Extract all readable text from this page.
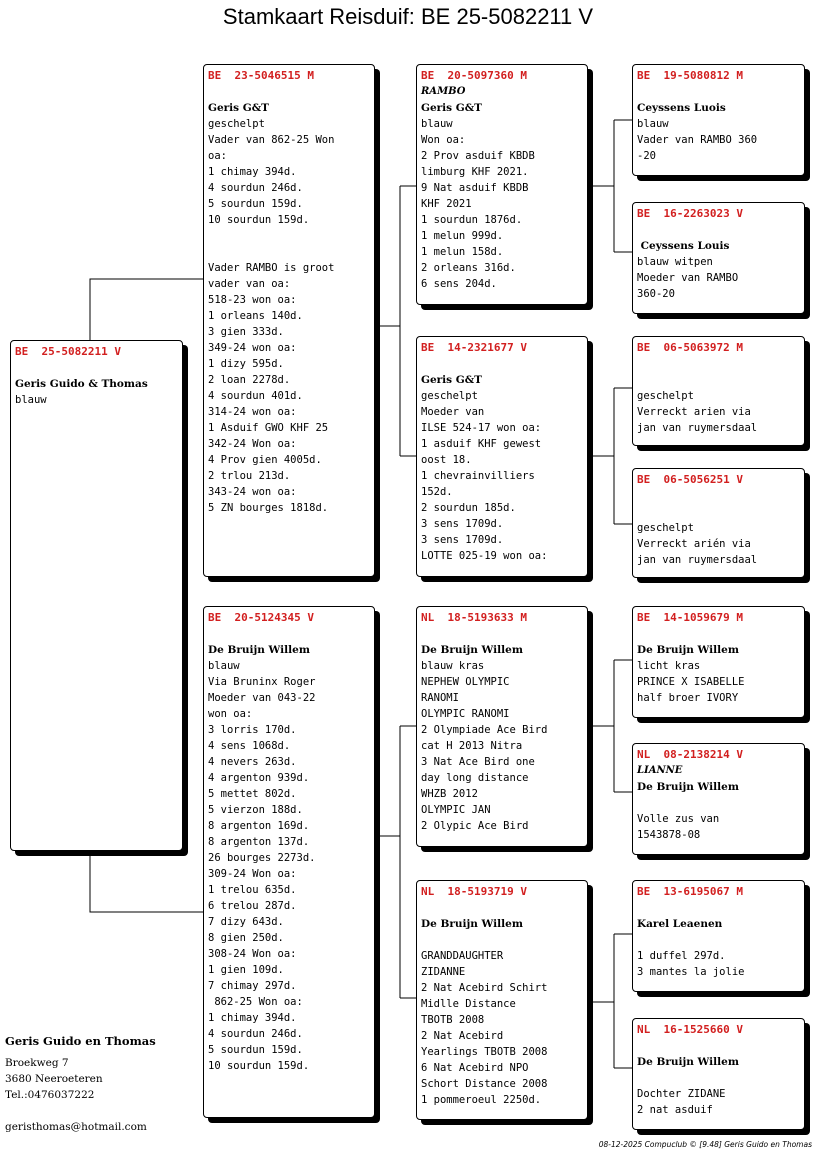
Stamkaart Reisduif: BE 25-5082211 V
BE  25-5082211 V
Geris Guido & Thomas
blauw
BE  23-5046515 M
Geris G&T
geschelpt
Vader van 862-25 Won
oa:
1 chimay 394d.
4 sourdun 246d.
5 sourdun 159d.
10 sourdun 159d.
Vader RAMBO is groot
vader van oa:
518-23 won oa:
1 orleans 140d.
3 gien 333d.
349-24 won oa:
1 dizy 595d.
2 loan 2278d.
4 sourdun 401d.
314-24 won oa:
1 Asduif GWO KHF 25
342-24 Won oa:
4 Prov gien 4005d.
2 trlou 213d.
343-24 won oa:
5 ZN bourges 1818d.
BE  20-5124345 V
De Bruijn Willem
blauw
Via Bruninx Roger
Moeder van 043-22
won oa:
3 lorris 170d.
4 sens 1068d.
4 nevers 263d.
4 argenton 939d.
5 mettet 802d.
5 vierzon 188d.
8 argenton 169d.
8 argenton 137d.
26 bourges 2273d.
309-24 Won oa:
1 trelou 635d.
6 trelou 287d.
7 dizy 643d.
8 gien 250d.
308-24 Won oa:
1 gien 109d.
7 chimay 297d.
862-25 Won oa:
1 chimay 394d.
4 sourdun 246d.
5 sourdun 159d.
10 sourdun 159d.
BE  20-5097360 M
RAMBO
Geris G&T
blauw
Won oa:
2 Prov asduif KBDB
limburg KHF 2021.
9 Nat asduif KBDB
KHF 2021
1 sourdun 1876d.
1 melun 999d.
1 melun 158d.
2 orleans 316d.
6 sens 204d.
BE  14-2321677 V
Geris G&T
geschelpt
Moeder van
ILSE 524-17 won oa:
1 asduif KHF gewest
oost 18.
1 chevrainvilliers
152d.
2 sourdun 185d.
3 sens 1709d.
3 sens 1709d.
LOTTE 025-19 won oa:
NL  18-5193633 M
De Bruijn Willem
blauw kras
NEPHEW OLYMPIC
RANOMI
OLYMPIC RANOMI
2 Olympiade Ace Bird
cat H 2013 Nitra
3 Nat Ace Bird one
day long distance
WHZB 2012
OLYMPIC JAN
2 Olypic Ace Bird
NL  18-5193719 V
De Bruijn Willem
GRANDDAUGHTER
ZIDANNE
2 Nat Acebird Schirt
Midlle Distance
TBOTB 2008
2 Nat Acebird
Yearlings TBOTB 2008
6 Nat Acebird NPO
Schort Distance 2008
1 pommeroeul 2250d.
BE  19-5080812 M
Ceyssens Luois
blauw
Vader van RAMBO 360
-20
BE  16-2263023 V
Ceyssens Louis
blauw witpen
Moeder van RAMBO
360-20
BE  06-5063972 M
geschelpt
Verreckt arien via
jan van ruymersdaal
BE  06-5056251 V
geschelpt
Verreckt arién via
jan van ruymersdaal
BE  14-1059679 M
De Bruijn Willem
licht kras
PRINCE X ISABELLE
half broer IVORY
NL  08-2138214 V
LIANNE
De Bruijn Willem
Volle zus van
1543878-08
BE  13-6195067 M
Karel Leaenen
1 duffel 297d.
3 mantes la jolie
NL  16-1525660 V
De Bruijn Willem
Dochter ZIDANE
2 nat asduif
Geris Guido en Thomas
Broekweg 7
3680 Neeroeteren
Tel.:0476037222
geristhomas@hotmail.com
08-12-2025 Compuclub © [9.48] Geris Guido en Thomas
